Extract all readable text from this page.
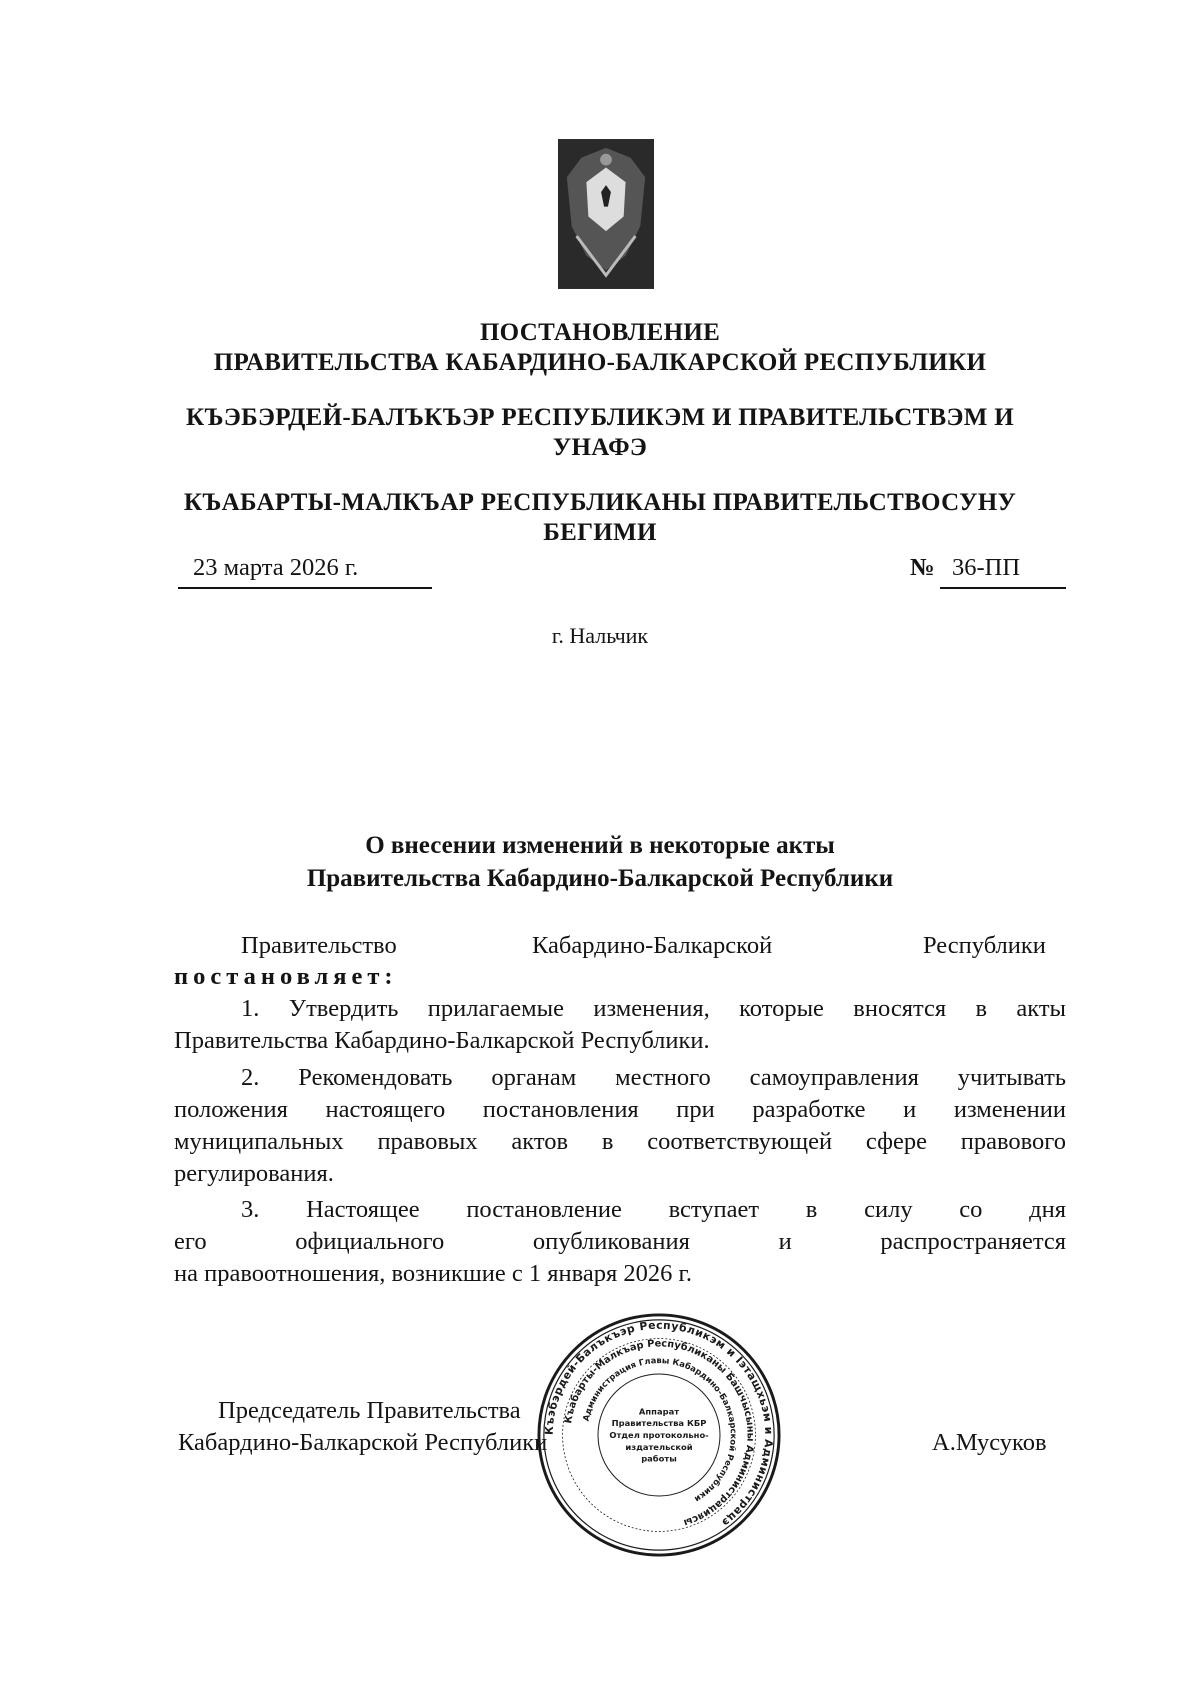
ПОСТАНОВЛЕНИЕ
ПРАВИТЕЛЬСТВА КАБАРДИНО-БАЛКАРСКОЙ РЕСПУБЛИКИ
КЪЭБЭРДЕЙ-БАЛЪКЪЭР РЕСПУБЛИКЭМ И ПРАВИТЕЛЬСТВЭМ И
УНАФЭ
КЪАБАРТЫ-МАЛКЪАР РЕСПУБЛИКАНЫ ПРАВИТЕЛЬСТВОСУНУ
БЕГИМИ
23 марта 2026 г.	№ 36-ПП
г. Нальчик
О внесении изменений в некоторые акты
Правительства Кабардино-Балкарской Республики
Правительство	Кабардино-Балкарской	Республики
постановляет:
1. Утвердить прилагаемые изменения, которые вносятся в акты
Правительства Кабардино-Балкарской Республики.
2. Рекомендовать органам местного самоуправления учитывать
положения настоящего постановления при разработке и изменении
муниципальных правовых актов в соответствующей сфере правового
регулирования.
3. Настоящее постановление вступает в силу со дня
его официального опубликования и распространяется
на правоотношения, возникшие с 1 января 2026 г.
Председатель Правительства
Кабардино-Балкарской Республики	А.Мусуков
Къэбэрдей-Балъкъэр Республикэм и Iэтащхьэм и Администрацэ
Къабарты-Малкъар Республиканы Башчысыны Администрациясы
Администрация Главы Кабардино-Балкарской Республики
Аппарат
Правительства КБР
Отдел протокольно-
издательской
работы
